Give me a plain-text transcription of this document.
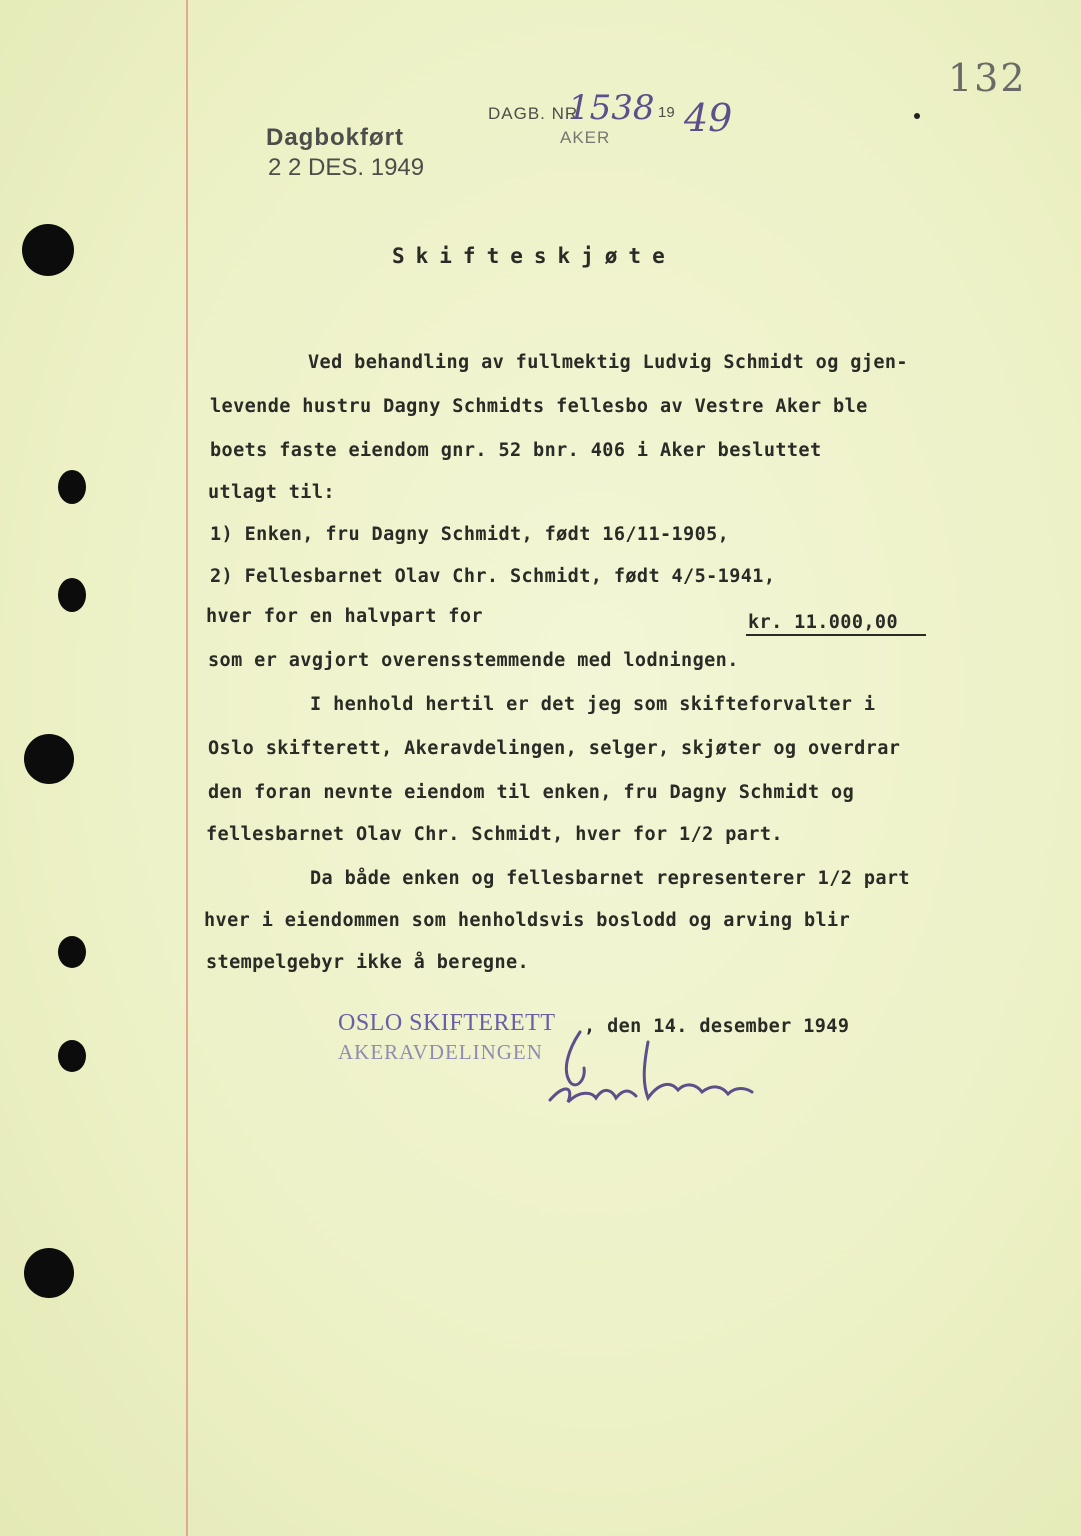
DAGB. NR.
1538 19 49
AKER
132
Dagbokført
2 2 DES. 1949
Skifteskjøte
Ved behandling av fullmektig Ludvig Schmidt og gjen-
levende hustru Dagny Schmidts fellesbo av Vestre Aker ble
boets faste eiendom gnr. 52 bnr. 406 i Aker besluttet
utlagt til:
1) Enken, fru Dagny Schmidt, født 16/11-1905,
2) Fellesbarnet Olav Chr. Schmidt, født 4/5-1941,
hver for en halvpart for	kr. 11.000,00
som er avgjort overensstemmende med lodningen.
I henhold hertil er det jeg som skifteforvalter i
Oslo skifterett, Akeravdelingen, selger, skjøter og overdrar
den foran nevnte eiendom til enken, fru Dagny Schmidt og
fellesbarnet Olav Chr. Schmidt, hver for 1/2 part.
Da både enken og fellesbarnet representerer 1/2 part
hver i eiendommen som henholdsvis boslodd og arving blir
stempelgebyr ikke å beregne.
OSLO SKIFTERETT
AKERAVDELINGEN
, den 14. desember 1949
